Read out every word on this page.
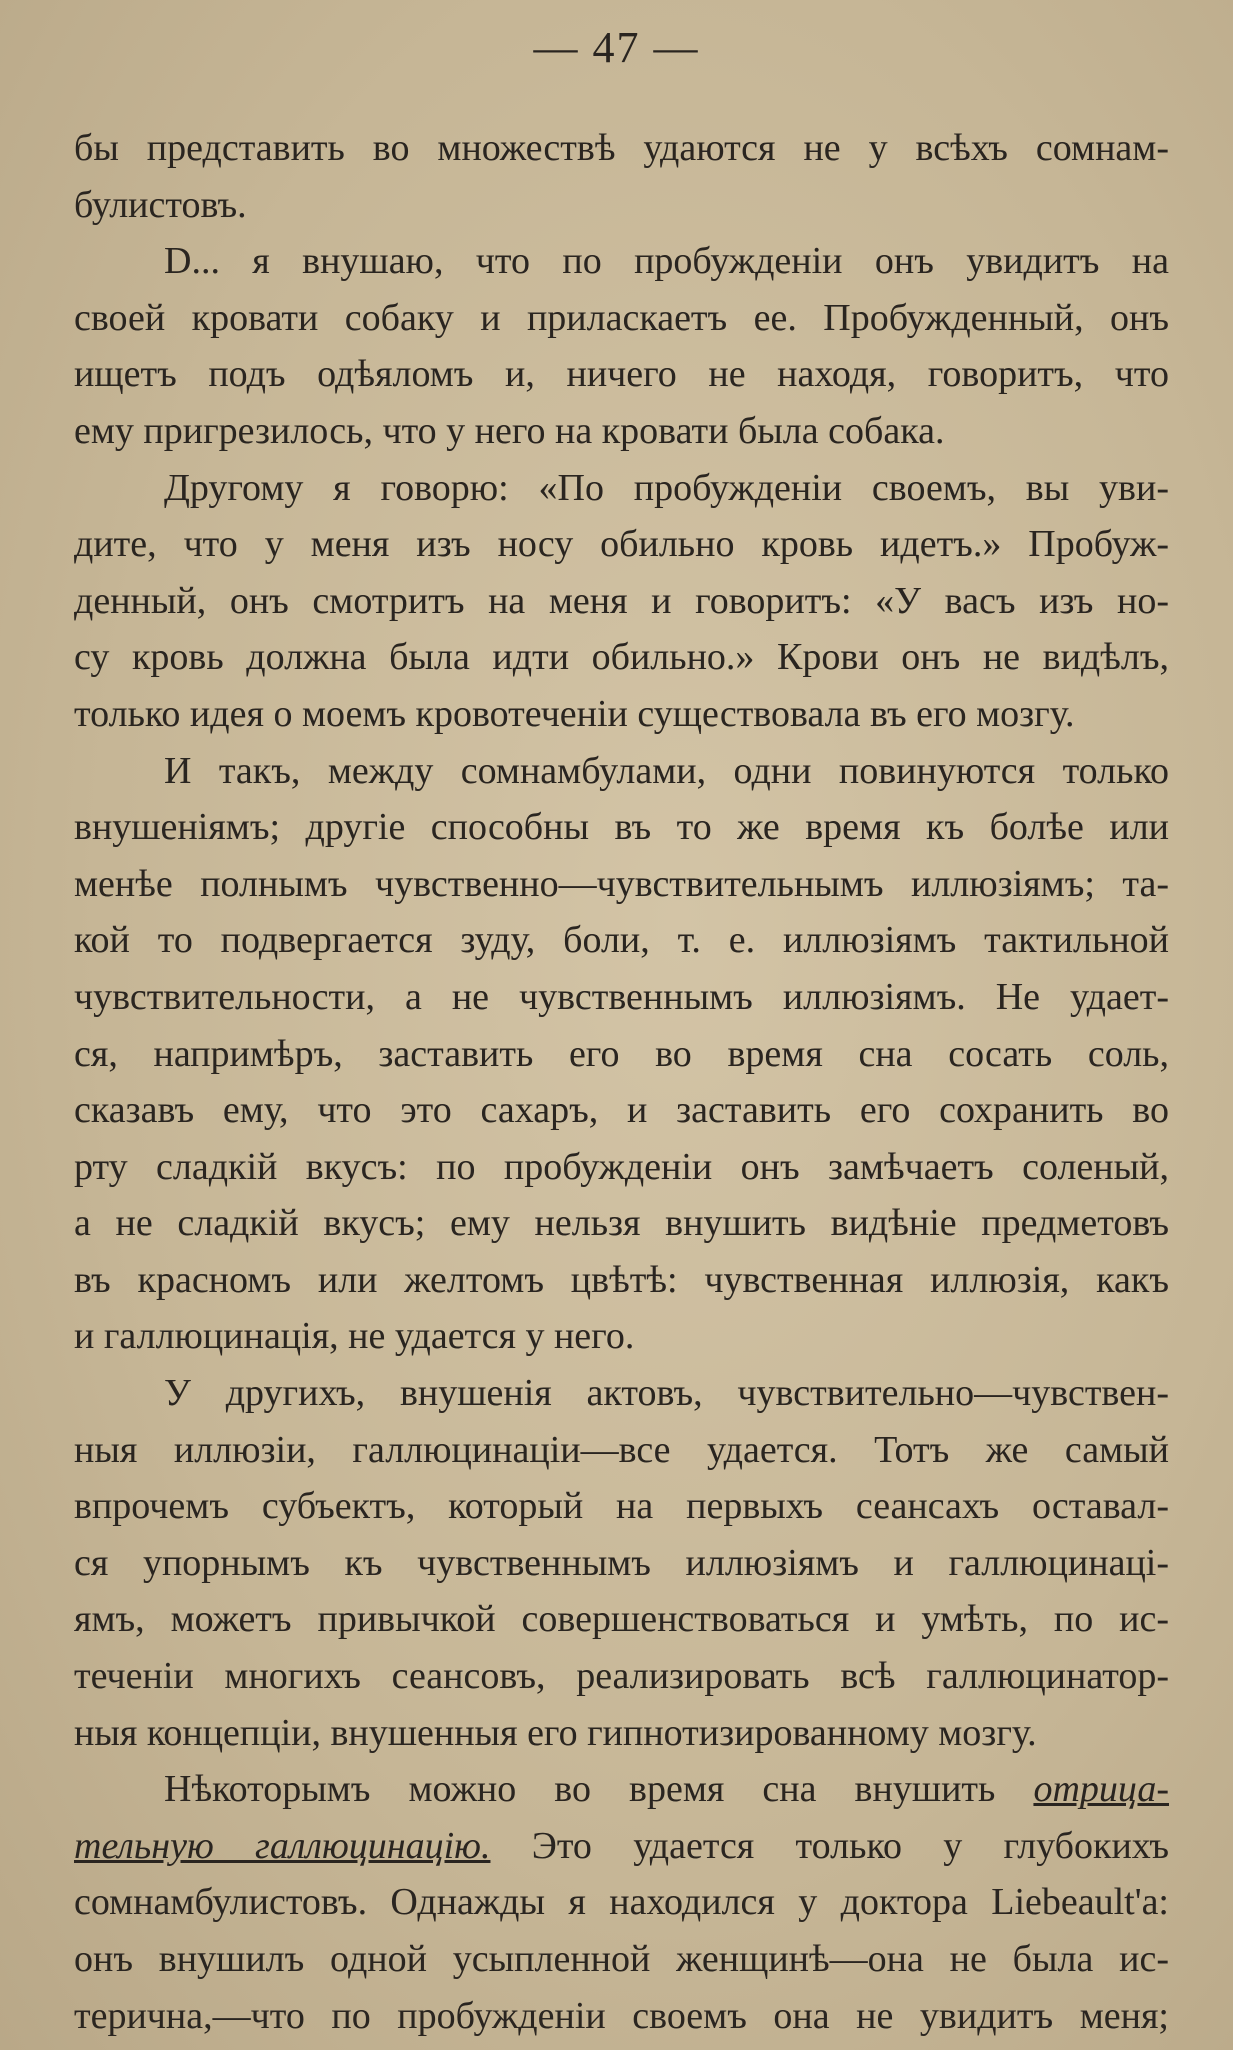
— 47 —
бы представить во множествѣ удаются не у всѣхъ сомнам-
булистовъ.
D... я внушаю, что по пробужденіи онъ увидитъ на
своей кровати собаку и приласкаетъ ее. Пробужденный, онъ
ищетъ подъ одѣяломъ и, ничего не находя, говоритъ, что
ему пригрезилось, что у него на кровати была собака.
Другому я говорю: «По пробужденіи своемъ, вы уви-
дите, что у меня изъ носу обильно кровь идетъ.» Пробуж-
денный, онъ смотритъ на меня и говоритъ: «У васъ изъ но-
су кровь должна была идти обильно.» Крови онъ не видѣлъ,
только идея о моемъ кровотеченіи существовала въ его мозгу.
И такъ, между сомнамбулами, одни повинуются только
внушеніямъ; другіе способны въ то же время къ болѣе или
менѣе полнымъ чувственно—чувствительнымъ иллюзіямъ; та-
кой то подвергается зуду, боли, т. е. иллюзіямъ тактильной
чувствительности, а не чувственнымъ иллюзіямъ. Не удает-
ся, напримѣръ, заставить его во время сна сосать соль,
сказавъ ему, что это сахаръ, и заставить его сохранить во
рту сладкій вкусъ: по пробужденіи онъ замѣчаетъ соленый,
а не сладкій вкусъ; ему нельзя внушить видѣніе предметовъ
въ красномъ или желтомъ цвѣтѣ: чувственная иллюзія, какъ
и галлюцинація, не удается у него.
У другихъ, внушенія актовъ, чувствительно—чувствен-
ныя иллюзіи, галлюцинаціи—все удается. Тотъ же самый
впрочемъ субъектъ, который на первыхъ сеансахъ оставал-
ся упорнымъ къ чувственнымъ иллюзіямъ и галлюцинаці-
ямъ, можетъ привычкой совершенствоваться и умѣть, по ис-
теченіи многихъ сеансовъ, реализировать всѣ галлюцинатор-
ныя концепціи, внушенныя его гипнотизированному мозгу.
Нѣкоторымъ можно во время сна внушить отрица-
тельную галлюцинацію. Это удается только у глубокихъ
сомнамбулистовъ. Однажды я находился у доктора Liebeault'a:
онъ внушилъ одной усыпленной женщинѣ—она не была ис-
терична,—что по пробужденіи своемъ она не увидитъ меня;
